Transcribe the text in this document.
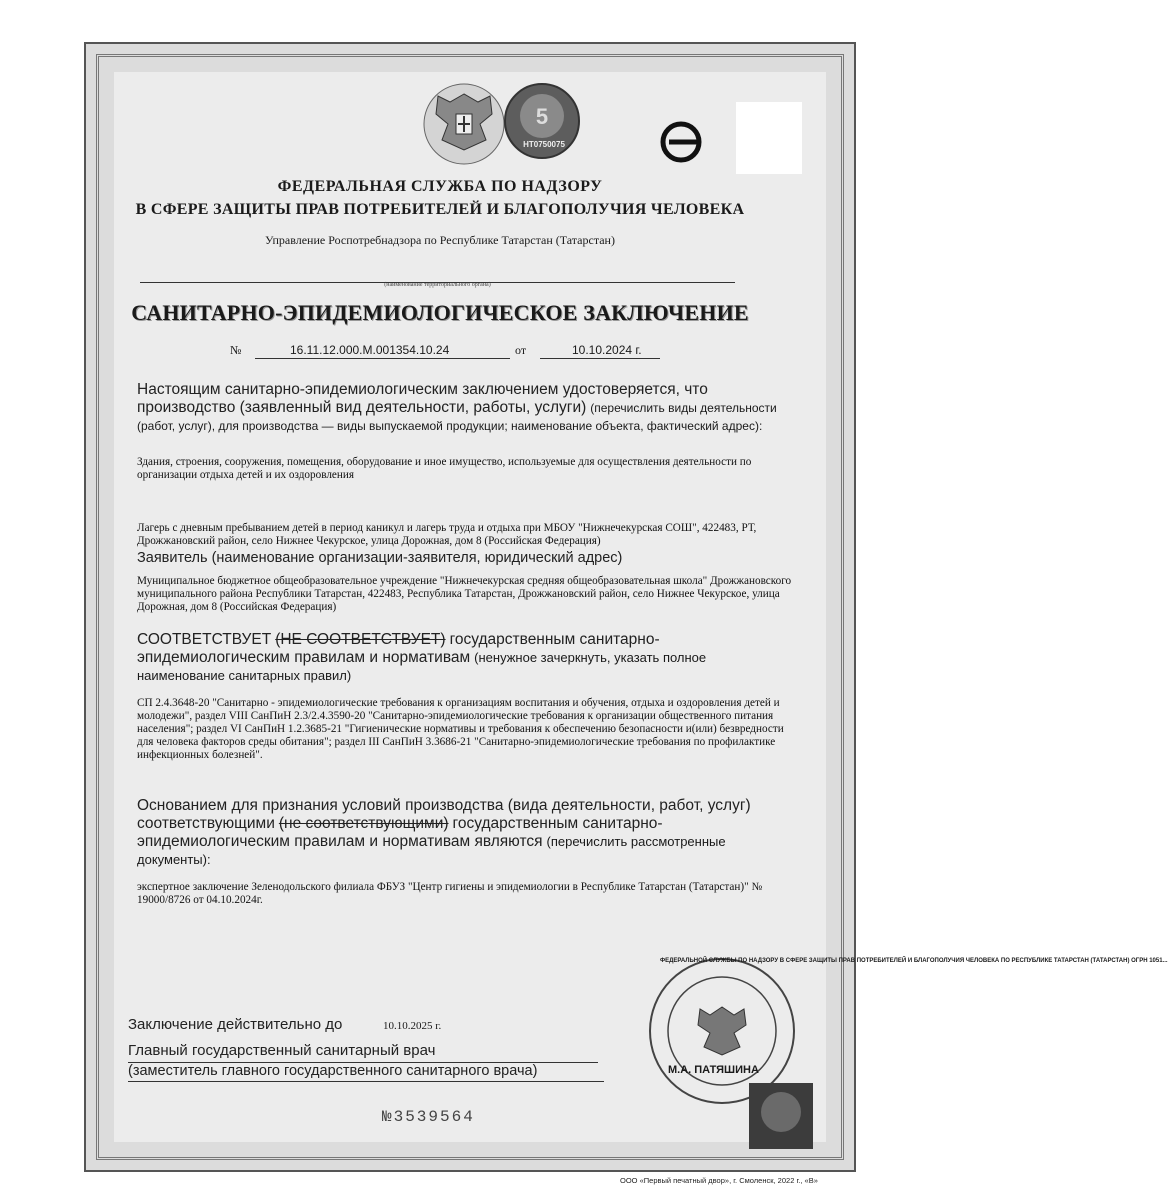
5
HT0750075
ФЕДЕРАЛЬНАЯ СЛУЖБА ПО НАДЗОРУ
В СФЕРЕ ЗАЩИТЫ ПРАВ ПОТРЕБИТЕЛЕЙ И БЛАГОПОЛУЧИЯ ЧЕЛОВЕКА
Управление Роспотребнадзора по Республике Татарстан (Татарстан)
(наименование территориального органа)
САНИТАРНО-ЭПИДЕМИОЛОГИЧЕСКОЕ ЗАКЛЮЧЕНИЕ
№	16.11.12.000.М.001354.10.24	от	10.10.2024 г.
Настоящим санитарно-эпидемиологическим заключением удостоверяется, что производство (заявленный вид деятельности, работы, услуги) (перечислить виды деятельности (работ, услуг), для производства — виды выпускаемой продукции; наименование объекта, фактический адрес):
Здания, строения, сооружения, помещения, оборудование и иное имущество, используемые для осуществления деятельности по организации отдыха детей и их оздоровления
Лагерь с дневным пребыванием детей в период каникул и лагерь труда и отдыха при МБОУ "Нижнечекурская СОШ", 422483, РТ, Дрожжановский район, село Нижнее Чекурское, улица Дорожная, дом 8 (Российская Федерация)
Заявитель (наименование организации-заявителя, юридический адрес)
Муниципальное бюджетное общеобразовательное учреждение "Нижнечекурская средняя общеобразовательная школа" Дрожжановского муниципального района Республики Татарстан, 422483, Республика Татарстан, Дрожжановский район, село Нижнее Чекурское, улица Дорожная, дом 8 (Российская Федерация)
СООТВЕТСТВУЕТ (НЕ СООТВЕТСТВУЕТ) государственным санитарно-эпидемиологическим правилам и нормативам (ненужное зачеркнуть, указать полное наименование санитарных правил)
СП 2.4.3648-20 "Санитарно - эпидемиологические требования к организациям воспитания и обучения, отдыха и оздоровления детей и молодежи", раздел VIII СанПиН 2.3/2.4.3590-20 "Санитарно-эпидемиологические требования к организации общественного питания населения"; раздел VI СанПиН 1.2.3685-21 "Гигиенические нормативы и требования к обеспечению безопасности и(или) безвредности для человека факторов среды обитания"; раздел III СанПиН 3.3686-21 "Санитарно-эпидемиологические требования по профилактике инфекционных болезней".
Основанием для признания условий производства (вида деятельности, работ, услуг) соответствующими (не соответствующими) государственным санитарно-эпидемиологическим правилам и нормативам являются (перечислить рассмотренные документы):
экспертное заключение Зеленодольского филиала ФБУЗ "Центр гигиены и эпидемиологии в Республике Татарстан (Татарстан)" № 19000/8726 от 04.10.2024г.
Заключение действительно до	10.10.2025 г.
Главный государственный санитарный врач
(заместитель главного государственного санитарного врача)
ФЕДЕРАЛЬНОЙ СЛУЖБЫ ПО НАДЗОРУ В СФЕРЕ ЗАЩИТЫ ПРАВ ПОТРЕБИТЕЛЕЙ И БЛАГОПОЛУЧИЯ ЧЕЛОВЕКА ПО РЕСПУБЛИКЕ ТАТАРСТАН (ТАТАРСТАН) ОГРН 1051...
М.А. ПАТЯШИНА
№3539564
ООО «Первый печатный двор», г. Смоленск, 2022 г., «В»
